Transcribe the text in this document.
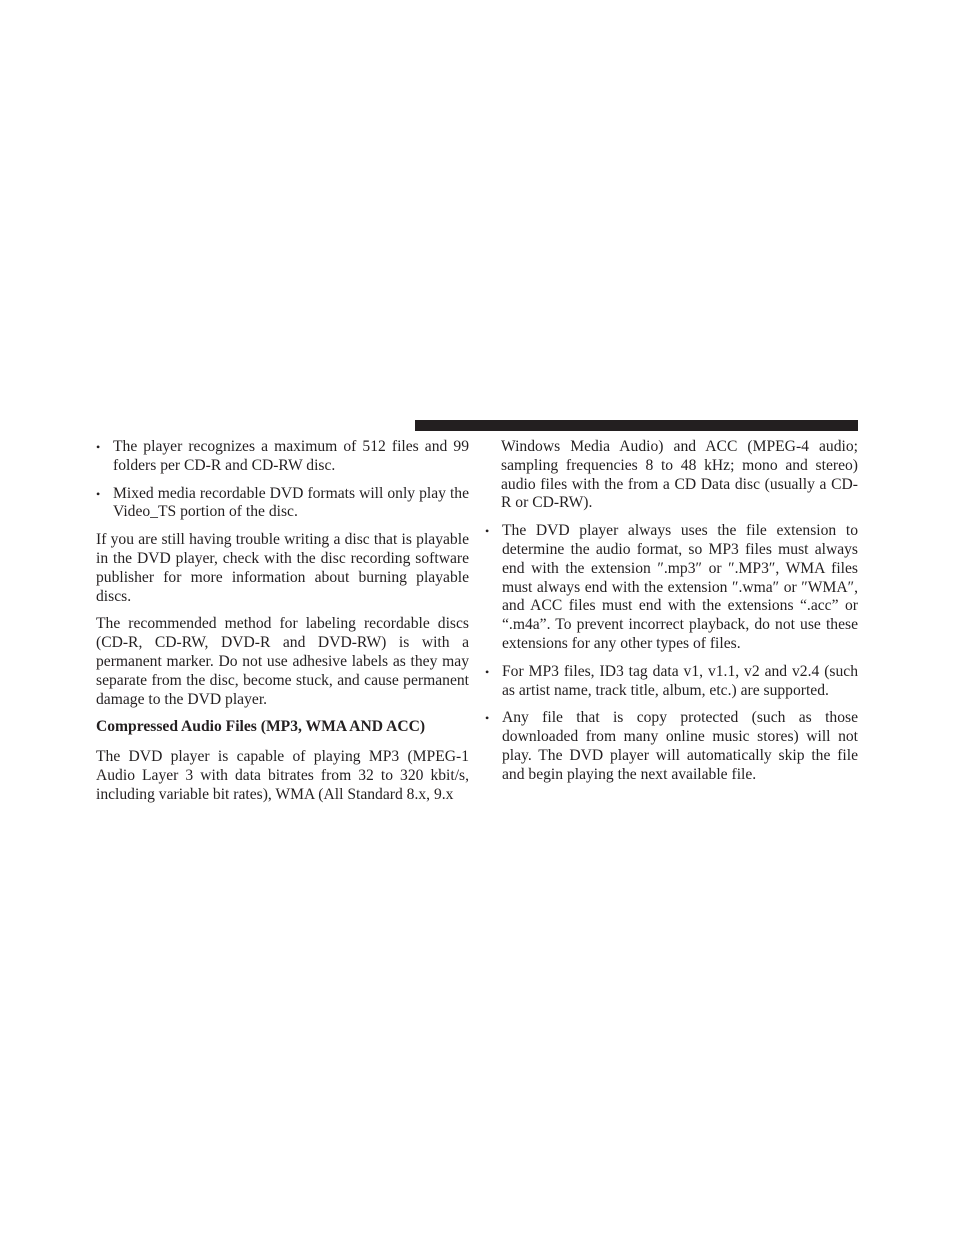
• The player recognizes a maximum of 512 files and 99 folders per CD-R and CD-RW disc.
• Mixed media recordable DVD formats will only play the Video_TS portion of the disc.

If you are still having trouble writing a disc that is playable in the DVD player, check with the disc recording software publisher for more information about burning playable discs.

The recommended method for labeling recordable discs (CD-R, CD-RW, DVD-R and DVD-RW) is with a permanent marker. Do not use adhesive labels as they may separate from the disc, become stuck, and cause permanent damage to the DVD player.

Compressed Audio Files (MP3, WMA AND ACC)

The DVD player is capable of playing MP3 (MPEG-1 Audio Layer 3 with data bitrates from 32 to 320 kbit/s, including variable bit rates), WMA (All Standard 8.x, 9.x

Windows Media Audio) and ACC (MPEG-4 audio; sampling frequencies 8 to 48 kHz; mono and stereo) audio files with the from a CD Data disc (usually a CD-R or CD-RW).

• The DVD player always uses the file extension to determine the audio format, so MP3 files must always end with the extension ″.mp3″ or ″.MP3″, WMA files must always end with the extension ″.wma″ or ″WMA″, and ACC files must end with the extensions “.acc” or “.m4a”. To prevent incorrect playback, do not use these extensions for any other types of files.
• For MP3 files, ID3 tag data v1, v1.1, v2 and v2.4 (such as artist name, track title, album, etc.) are supported.
• Any file that is copy protected (such as those downloaded from many online music stores) will not play. The DVD player will automatically skip the file and begin playing the next available file.
